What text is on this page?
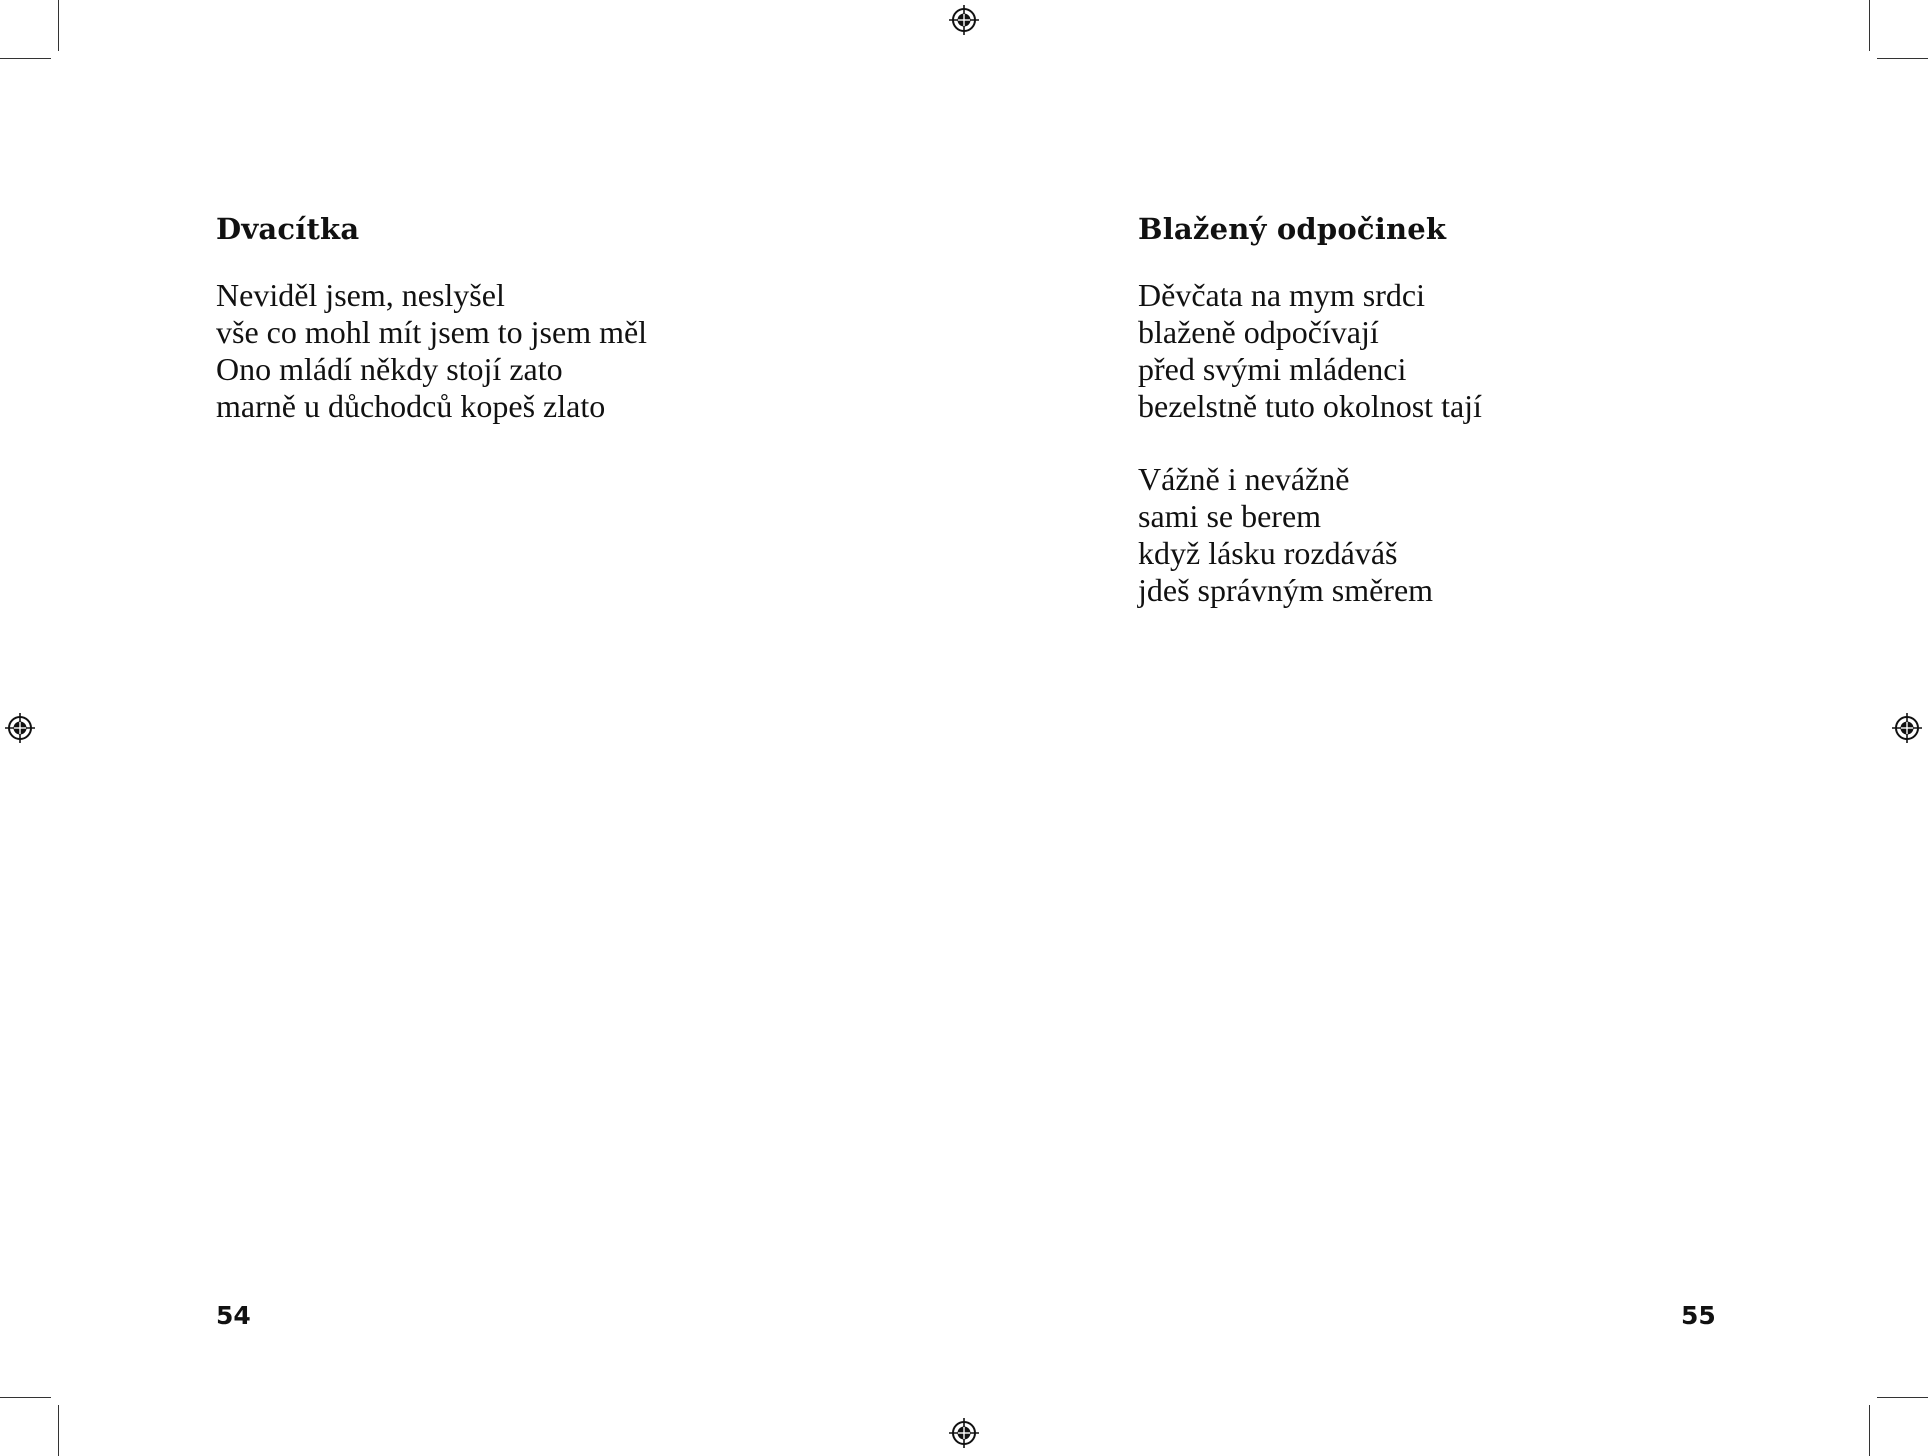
Dvacítka
Neviděl jsem, neslyšel
vše co mohl mít jsem to jsem měl
Ono mládí někdy stojí zato
marně u důchodců kopeš zlato
54
Blažený odpočinek
Děvčata na mym srdci
blaženě odpočívají
před svými mládenci
bezelstně tuto okolnost tají
Vážně i nevážně
sami se berem
když lásku rozdáváš
jdeš správným směrem
55
